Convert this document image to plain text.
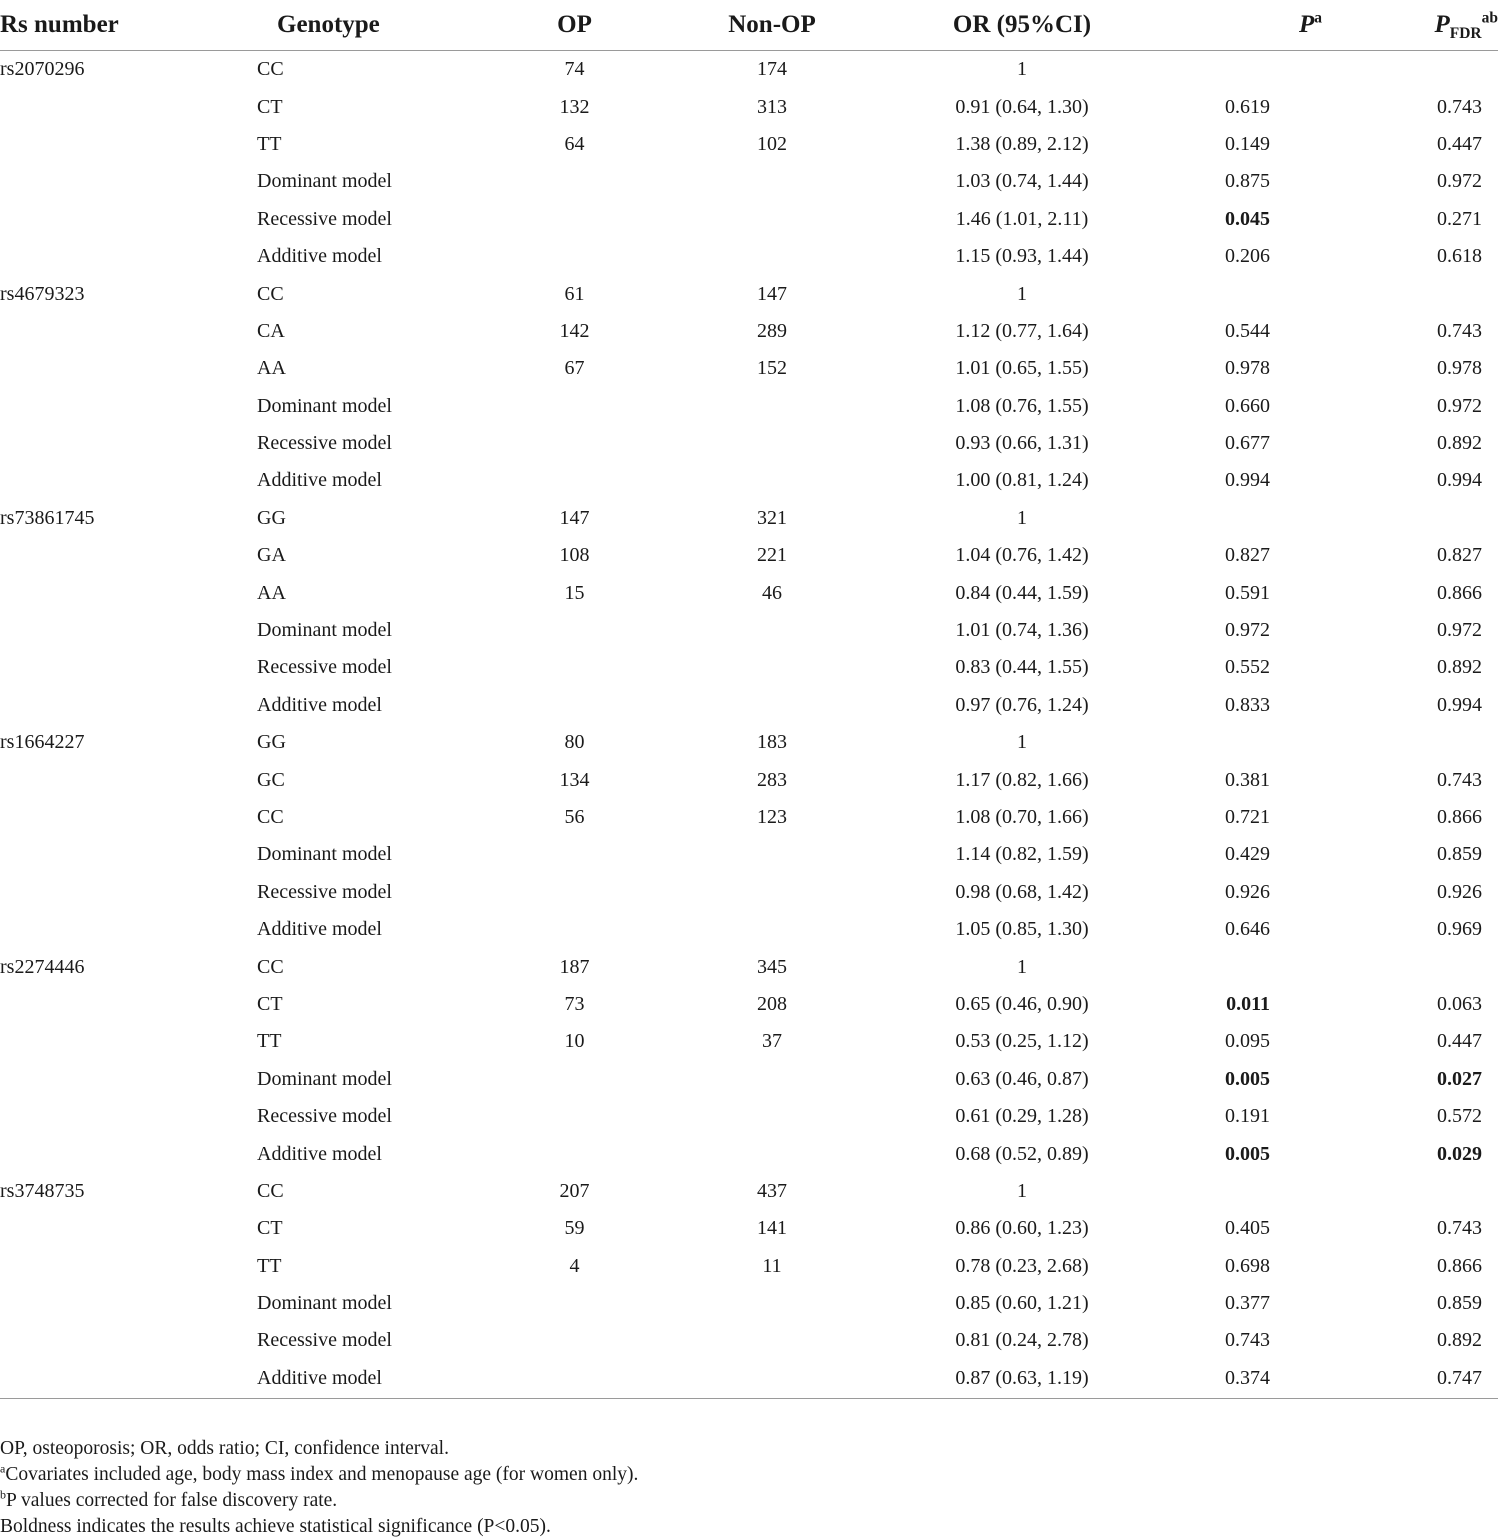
Rs number	Genotype	OP	Non-OP	OR (95%CI)	$P^a$	$P_{FDR}^{ab}$
rs2070296	CC	74	174	1		
	CT	132	313	0.91 (0.64, 1.30)	0.619	0.743
	TT	64	102	1.38 (0.89, 2.12)	0.149	0.447
	Dominant model			1.03 (0.74, 1.44)	0.875	0.972
	Recessive model			1.46 (1.01, 2.11)	0.045	0.271
	Additive model			1.15 (0.93, 1.44)	0.206	0.618
rs4679323	CC	61	147	1		
	CA	142	289	1.12 (0.77, 1.64)	0.544	0.743
	AA	67	152	1.01 (0.65, 1.55)	0.978	0.978
	Dominant model			1.08 (0.76, 1.55)	0.660	0.972
	Recessive model			0.93 (0.66, 1.31)	0.677	0.892
	Additive model			1.00 (0.81, 1.24)	0.994	0.994
rs73861745	GG	147	321	1		
	GA	108	221	1.04 (0.76, 1.42)	0.827	0.827
	AA	15	46	0.84 (0.44, 1.59)	0.591	0.866
	Dominant model			1.01 (0.74, 1.36)	0.972	0.972
	Recessive model			0.83 (0.44, 1.55)	0.552	0.892
	Additive model			0.97 (0.76, 1.24)	0.833	0.994
rs1664227	GG	80	183	1		
	GC	134	283	1.17 (0.82, 1.66)	0.381	0.743
	CC	56	123	1.08 (0.70, 1.66)	0.721	0.866
	Dominant model			1.14 (0.82, 1.59)	0.429	0.859
	Recessive model			0.98 (0.68, 1.42)	0.926	0.926
	Additive model			1.05 (0.85, 1.30)	0.646	0.969
rs2274446	CC	187	345	1		
	CT	73	208	0.65 (0.46, 0.90)	0.011	0.063
	TT	10	37	0.53 (0.25, 1.12)	0.095	0.447
	Dominant model			0.63 (0.46, 0.87)	0.005	0.027
	Recessive model			0.61 (0.29, 1.28)	0.191	0.572
	Additive model			0.68 (0.52, 0.89)	0.005	0.029
rs3748735	CC	207	437	1		
	CT	59	141	0.86 (0.60, 1.23)	0.405	0.743
	TT	4	11	0.78 (0.23, 2.68)	0.698	0.866
	Dominant model			0.85 (0.60, 1.21)	0.377	0.859
	Recessive model			0.81 (0.24, 2.78)	0.743	0.892
	Additive model			0.87 (0.63, 1.19)	0.374	0.747

OP, osteoporosis; OR, odds ratio; CI, confidence interval.

$^a$Covariates included age, body mass index and menopause age (for women only).

$^b$P values corrected for false discovery rate.

Boldness indicates the results achieve statistical significance (P<0.05).
